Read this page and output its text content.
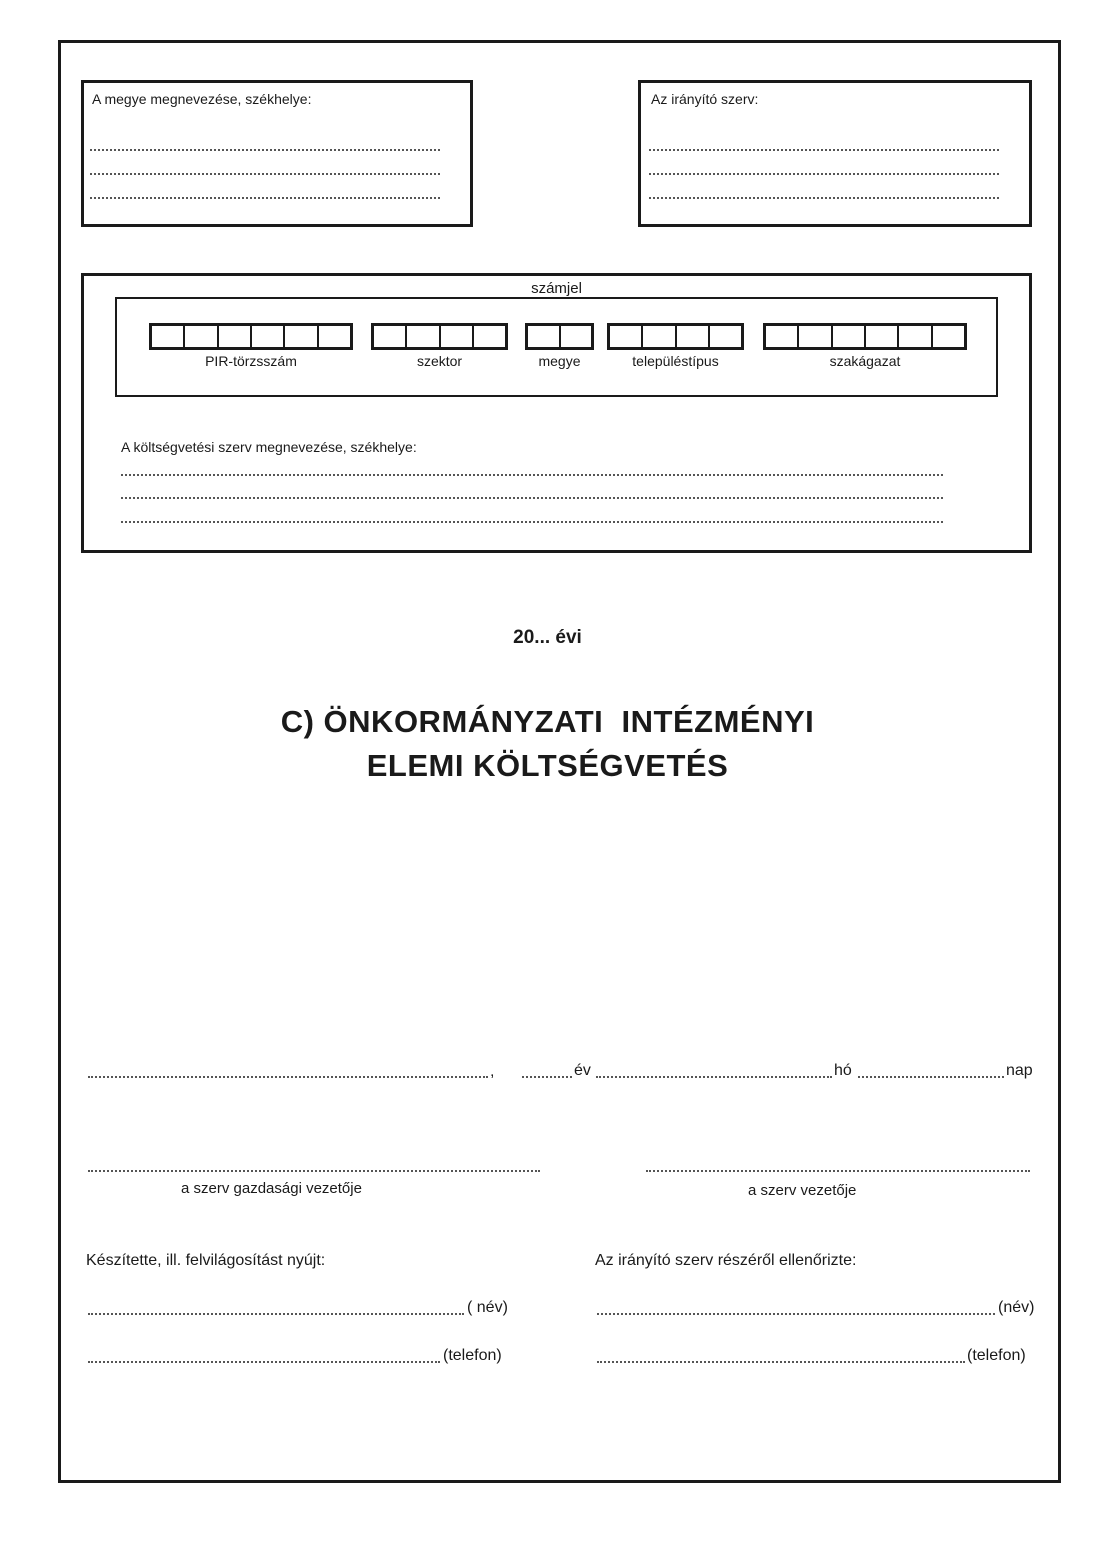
A megye megnevezése, székhelye:	Az irányító szerv:
számjel
A költségvetési szerv megnevezése, székhelye:
PIR-törzsszám	szektor	megye	településtípus	szakágazat
20... évi
C) ÖNKORMÁNYZATI  INTÉZMÉNYI
ELEMI KÖLTSÉGVETÉS
,	év	hó	nap
a szerv gazdasági vezetője	a szerv vezetője
Készítette, ill. felvilágosítást nyújt:	Az irányító szerv részéről ellenőrizte:
( név)	(név)
(telefon)	(telefon)
